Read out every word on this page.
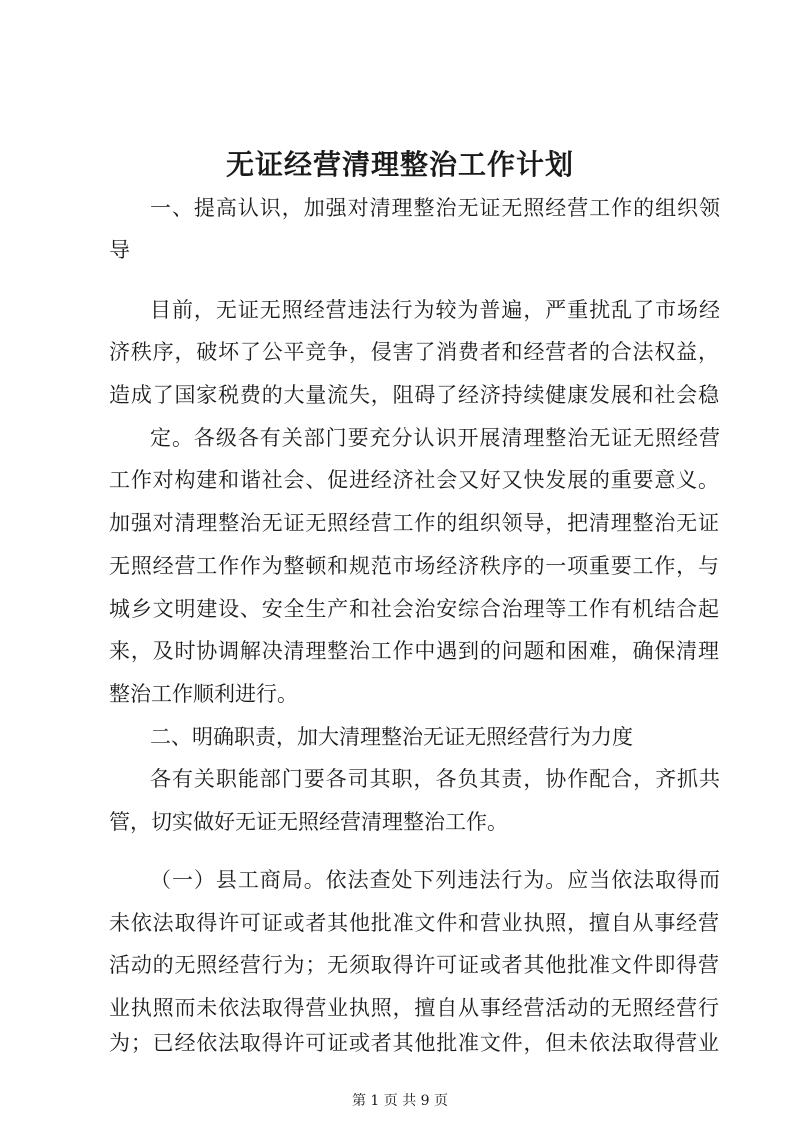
无证经营清理整治工作计划

一、提高认识，加强对清理整治无证无照经营工作的组织领

导

目前，无证无照经营违法行为较为普遍，严重扰乱了市场经

济秩序，破坏了公平竞争，侵害了消费者和经营者的合法权益，

造成了国家税费的大量流失，阻碍了经济持续健康发展和社会稳

定。各级各有关部门要充分认识开展清理整治无证无照经营

工作对构建和谐社会、促进经济社会又好又快发展的重要意义。

加强对清理整治无证无照经营工作的组织领导，把清理整治无证

无照经营工作作为整顿和规范市场经济秩序的一项重要工作，与

城乡文明建设、安全生产和社会治安综合治理等工作有机结合起

来，及时协调解决清理整治工作中遇到的问题和困难，确保清理

整治工作顺利进行。

二、明确职责，加大清理整治无证无照经营行为力度

各有关职能部门要各司其职，各负其责，协作配合，齐抓共

管，切实做好无证无照经营清理整治工作。

（一）县工商局。依法查处下列违法行为。应当依法取得而

未依法取得许可证或者其他批准文件和营业执照，擅自从事经营

活动的无照经营行为；无须取得许可证或者其他批准文件即得营

业执照而未依法取得营业执照，擅自从事经营活动的无照经营行

为；已经依法取得许可证或者其他批准文件，但未依法取得营业

第 1 页 共 9 页
